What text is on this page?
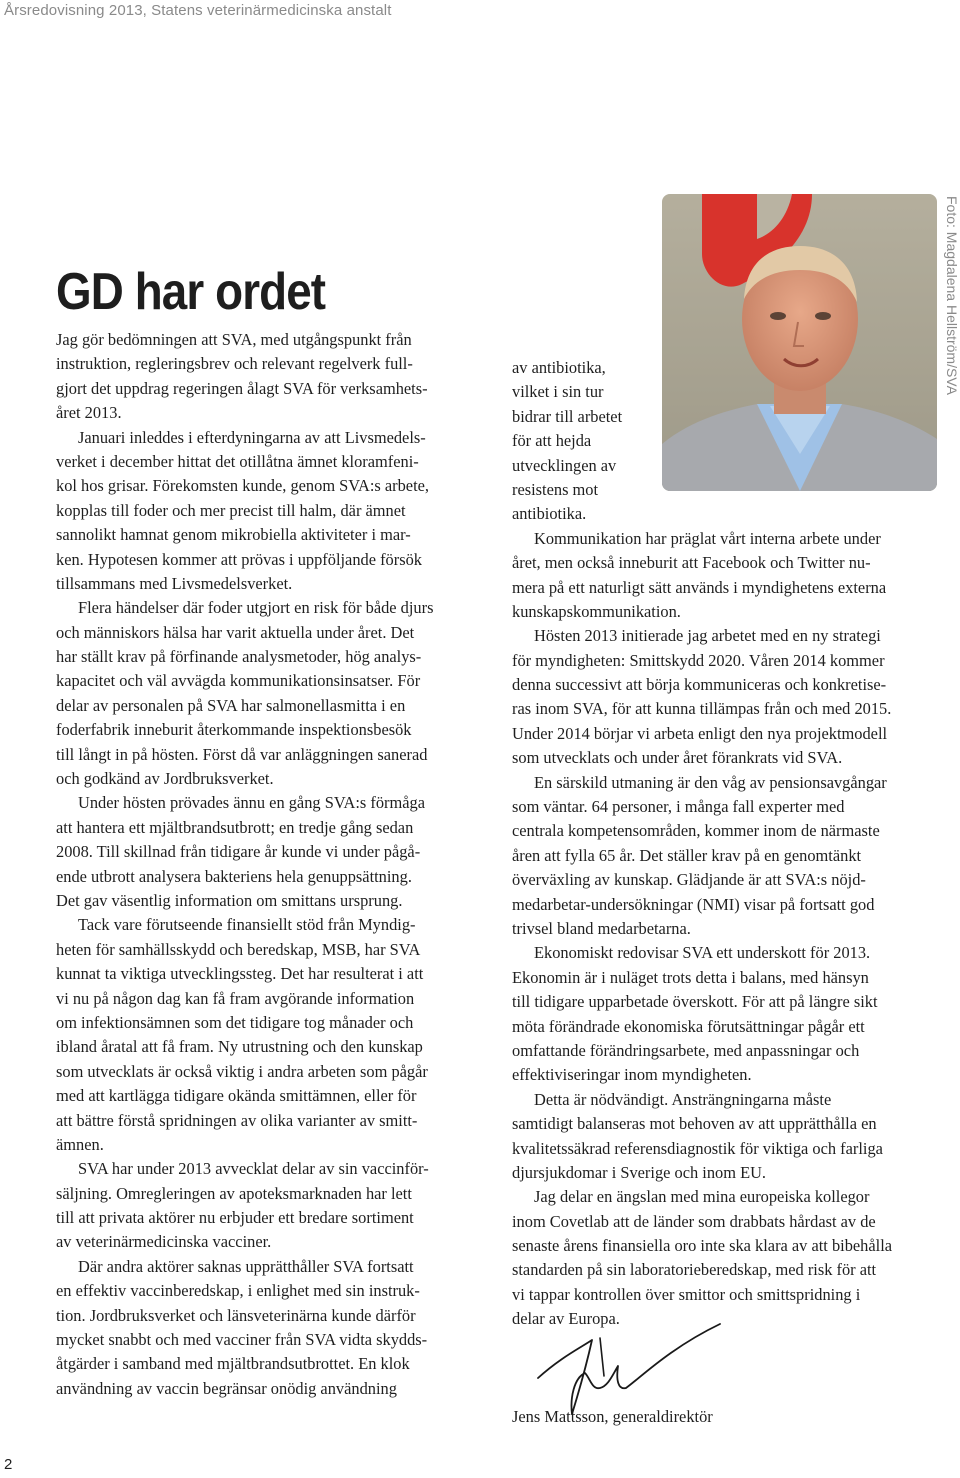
Årsredovisning 2013, Statens veterinärmedicinska anstalt
GD har ordet
Jag gör bedömningen att SVA, med utgångspunkt från
instruktion, regleringsbrev och relevant regelverk full-
gjort det uppdrag regeringen ålagt SVA för verksamhets-
året 2013.
Januari inleddes i efterdyningarna av att Livsmedels-
verket i december hittat det otillåtna ämnet kloramfeni-
kol hos grisar. Förekomsten kunde, genom SVA:s arbete,
kopplas till foder och mer precist till halm, där ämnet
sannolikt hamnat genom mikrobiella aktiviteter i mar-
ken. Hypotesen kommer att prövas i uppföljande försök
tillsammans med Livsmedelsverket.
Flera händelser där foder utgjort en risk för både djurs
och människors hälsa har varit aktuella under året. Det
har ställt krav på förfinande analysmetoder, hög analys-
kapacitet och väl avvägda kommunikationsinsatser. För
delar av personalen på SVA har salmonellasmitta i en
foderfabrik inneburit återkommande inspektionsbesök
till långt in på hösten. Först då var anläggningen sanerad
och godkänd av Jordbruksverket.
Under hösten prövades ännu en gång SVA:s förmåga
att hantera ett mjältbrandsutbrott; en tredje gång sedan
2008. Till skillnad från tidigare år kunde vi under pågå-
ende utbrott analysera bakteriens hela genuppsättning.
Det gav väsentlig information om smittans ursprung.
Tack vare förutseende finansiellt stöd från Myndig-
heten för samhällsskydd och beredskap, MSB, har SVA
kunnat ta viktiga utvecklingssteg. Det har resulterat i att
vi nu på någon dag kan få fram avgörande information
om infektionsämnen som det tidigare tog månader och
ibland åratal att få fram. Ny utrustning och den kunskap
som utvecklats är också viktig i andra arbeten som pågår
med att kartlägga tidigare okända smittämnen, eller för
att bättre förstå spridningen av olika varianter av smitt-
ämnen.
SVA har under 2013 avvecklat delar av sin vaccinför-
säljning. Omregleringen av apoteksmarknaden har lett
till att privata aktörer nu erbjuder ett bredare sortiment
av veterinärmedicinska vacciner.
Där andra aktörer saknas upprätthåller SVA fortsatt
en effektiv vaccinberedskap, i enlighet med sin instruk-
tion. Jordbruksverket och länsveterinärna kunde därför
mycket snabbt och med vacciner från SVA vidta skydds-
åtgärder i samband med mjältbrandsutbrottet. En klok
användning av vaccin begränsar onödig användning
Foto: Magdalena Hellström/SVA
av antibiotika,
vilket i sin tur
bidrar till arbetet
för att hejda
utvecklingen av
resistens mot
antibiotika.
Kommunikation har präglat vårt interna arbete under
året, men också inneburit att Facebook och Twitter nu-
mera på ett naturligt sätt används i myndighetens externa
kunskapskommunikation.
Hösten 2013 initierade jag arbetet med en ny strategi
för myndigheten: Smittskydd 2020. Våren 2014 kommer
denna successivt att börja kommuniceras och konkretise-
ras inom SVA, för att kunna tillämpas från och med 2015.
Under 2014 börjar vi arbeta enligt den nya projektmodell
som utvecklats och under året förankrats vid SVA.
En särskild utmaning är den våg av pensionsavgångar
som väntar. 64 personer, i många fall experter med
centrala kompetensområden, kommer inom de närmaste
åren att fylla 65 år. Det ställer krav på en genomtänkt
överväxling av kunskap. Glädjande är att SVA:s nöjd-
medarbetar-undersökningar (NMI) visar på fortsatt god
trivsel bland medarbetarna.
Ekonomiskt redovisar SVA ett underskott för 2013.
Ekonomin är i nuläget trots detta i balans, med hänsyn
till tidigare upparbetade överskott. För att på längre sikt
möta förändrade ekonomiska förutsättningar pågår ett
omfattande förändringsarbete, med anpassningar och
effektiviseringar inom myndigheten.
Detta är nödvändigt. Ansträngningarna måste
samtidigt balanseras mot behoven av att upprätthålla en
kvalitetssäkrad referensdiagnostik för viktiga och farliga
djursjukdomar i Sverige och inom EU.
Jag delar en ängslan med mina europeiska kollegor
inom Covetlab att de länder som drabbats hårdast av de
senaste årens finansiella oro inte ska klara av att bibehålla
standarden på sin laboratorieberedskap, med risk för att
vi tappar kontrollen över smittor och smittspridning i
delar av Europa.
Jens Mattsson, generaldirektör
2
